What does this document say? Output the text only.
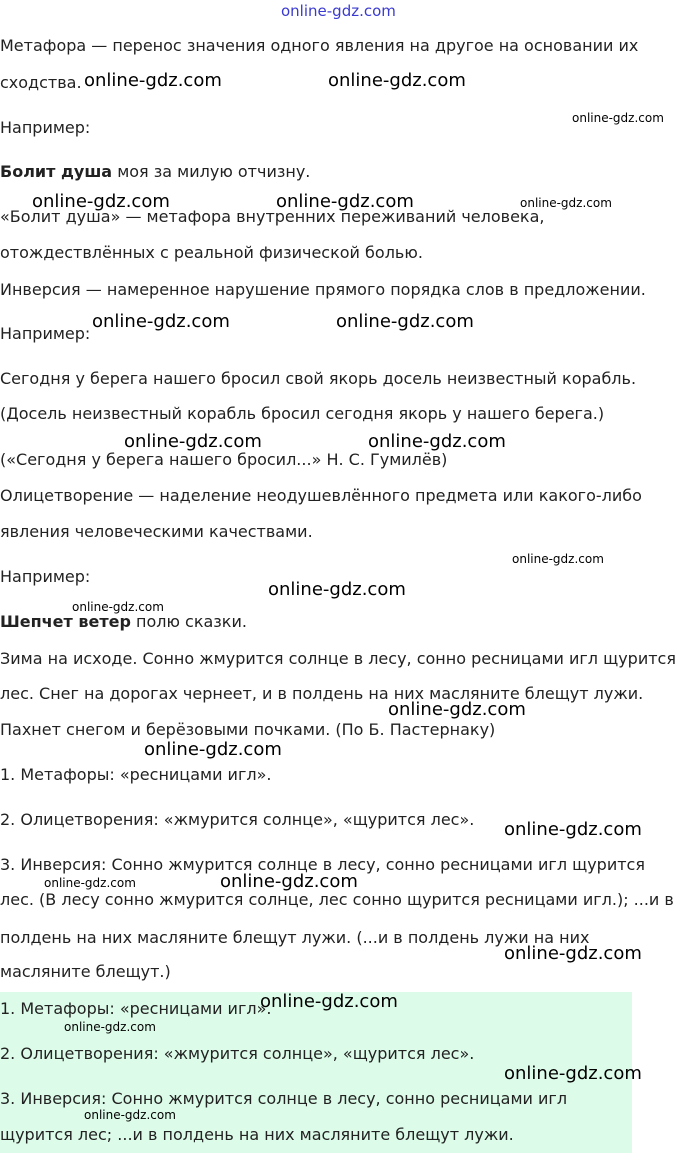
online-gdz.com
Метафора — перенос значения одного явления на другое на основании их
сходства.
Например:
Болит душа моя за милую отчизну.
«Болит душа» — метафора внутренних переживаний человека,
отождествлённых с реальной физической болью.
Инверсия — намеренное нарушение прямого порядка слов в предложении.
Например:
Сегодня у берега нашего бросил свой якорь досель неизвестный корабль.
(Досель неизвестный корабль бросил сегодня якорь у нашего берега.)
(«Сегодня у берега нашего бросил...» Н. С. Гумилёв)
Олицетворение — наделение неодушевлённого предмета или какого-либо
явления человеческими качествами.
Например:
Шепчет ветер полю сказки.
Зима на исходе. Сонно жмурится солнце в лесу, сонно ресницами игл щурится
лес. Снег на дорогах чернеет, и в полдень на них масляните блещут лужи.
Пахнет снегом и берёзовыми почками. (По Б. Пастернаку)
1. Метафоры: «ресницами игл».
2. Олицетворения: «жмурится солнце», «щурится лес».
3. Инверсия: Сонно жмурится солнце в лесу, сонно ресницами игл щурится
лес. (В лесу сонно жмурится солнце, лес сонно щурится ресницами игл.); ...и в
полдень на них масляните блещут лужи. (...и в полдень лужи на них
масляните блещут.)
1. Метафоры: «ресницами игл».
2. Олицетворения: «жмурится солнце», «щурится лес».
3. Инверсия: Сонно жмурится солнце в лесу, сонно ресницами игл
щурится лес; ...и в полдень на них масляните блещут лужи.
online-gdz.com	online-gdz.com
online-gdz.com
online-gdz.com	online-gdz.com	online-gdz.com
online-gdz.com	online-gdz.com
online-gdz.com	online-gdz.com
online-gdz.com
online-gdz.com
online-gdz.com
online-gdz.com
online-gdz.com
online-gdz.com
online-gdz.com	online-gdz.com
online-gdz.com
online-gdz.com
online-gdz.com
online-gdz.com
online-gdz.com
